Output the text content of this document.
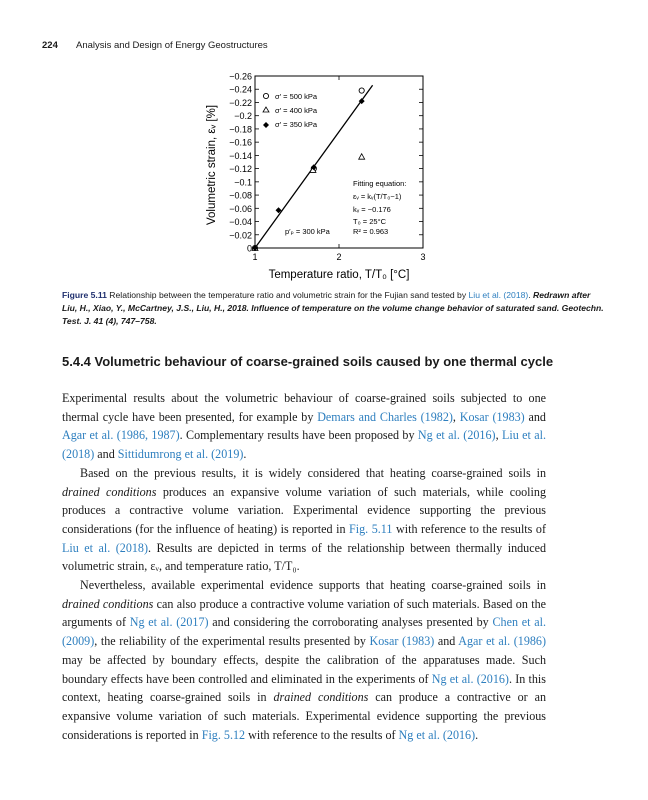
224 Analysis and Design of Energy Geostructures
0
−0.02
−0.04
−0.06
−0.08
−0.1
−0.12
−0.14
−0.16
−0.18
−0.2
−0.22
−0.24
−0.26
1	2	3
Volumetric strain, εᵥ [%]
Temperature ratio, T/T₀ [°C]
σ′ = 500 kPa
σ′ = 400 kPa
σ′ = 350 kPa
Fitting equation:
εᵥ = kᵥ(T/T₀−1)
kᵥ = −0.176
T₀ = 25°C
R² = 0.963
p′ₚ = 300 kPa
Figure 5.11 Relationship between the temperature ratio and volumetric strain for the Fujian sand tested by Liu et al. (2018). Redrawn after Liu, H., Xiao, Y., McCartney, J.S., Liu, H., 2018. Influence of temperature on the volume change behavior of saturated sand. Geotechn. Test. J. 41 (4), 747–758.
5.4.4 Volumetric behaviour of coarse-grained soils caused by one thermal cycle

Experimental results about the volumetric behaviour of coarse-grained soils subjected to one thermal cycle have been presented, for example by Demars and Charles (1982), Kosar (1983) and Agar et al. (1986, 1987). Complementary results have been proposed by Ng et al. (2016), Liu et al. (2018) and Sittidumrong et al. (2019).

Based on the previous results, it is widely considered that heating coarse-grained soils in drained conditions produces an expansive volume variation of such materials, while cooling produces a contractive volume variation. Experimental evidence supporting the previous considerations (for the influence of heating) is reported in Fig. 5.11 with reference to the results of Liu et al. (2018). Results are depicted in terms of the relationship between thermally induced volumetric strain, εᵥ, and temperature ratio, T/T₀.

Nevertheless, available experimental evidence supports that heating coarse-grained soils in drained conditions can also produce a contractive volume variation of such materials. Based on the arguments of Ng et al. (2017) and considering the corroborating analyses presented by Chen et al. (2009), the reliability of the experimental results presented by Kosar (1983) and Agar et al. (1986) may be affected by boundary effects, despite the calibration of the apparatuses made. Such boundary effects have been controlled and eliminated in the experiments of Ng et al. (2016). In this context, heating coarse-grained soils in drained conditions can produce a contractive or an expansive volume variation of such materials. Experimental evidence supporting the previous considerations is reported in Fig. 5.12 with reference to the results of Ng et al. (2016).
